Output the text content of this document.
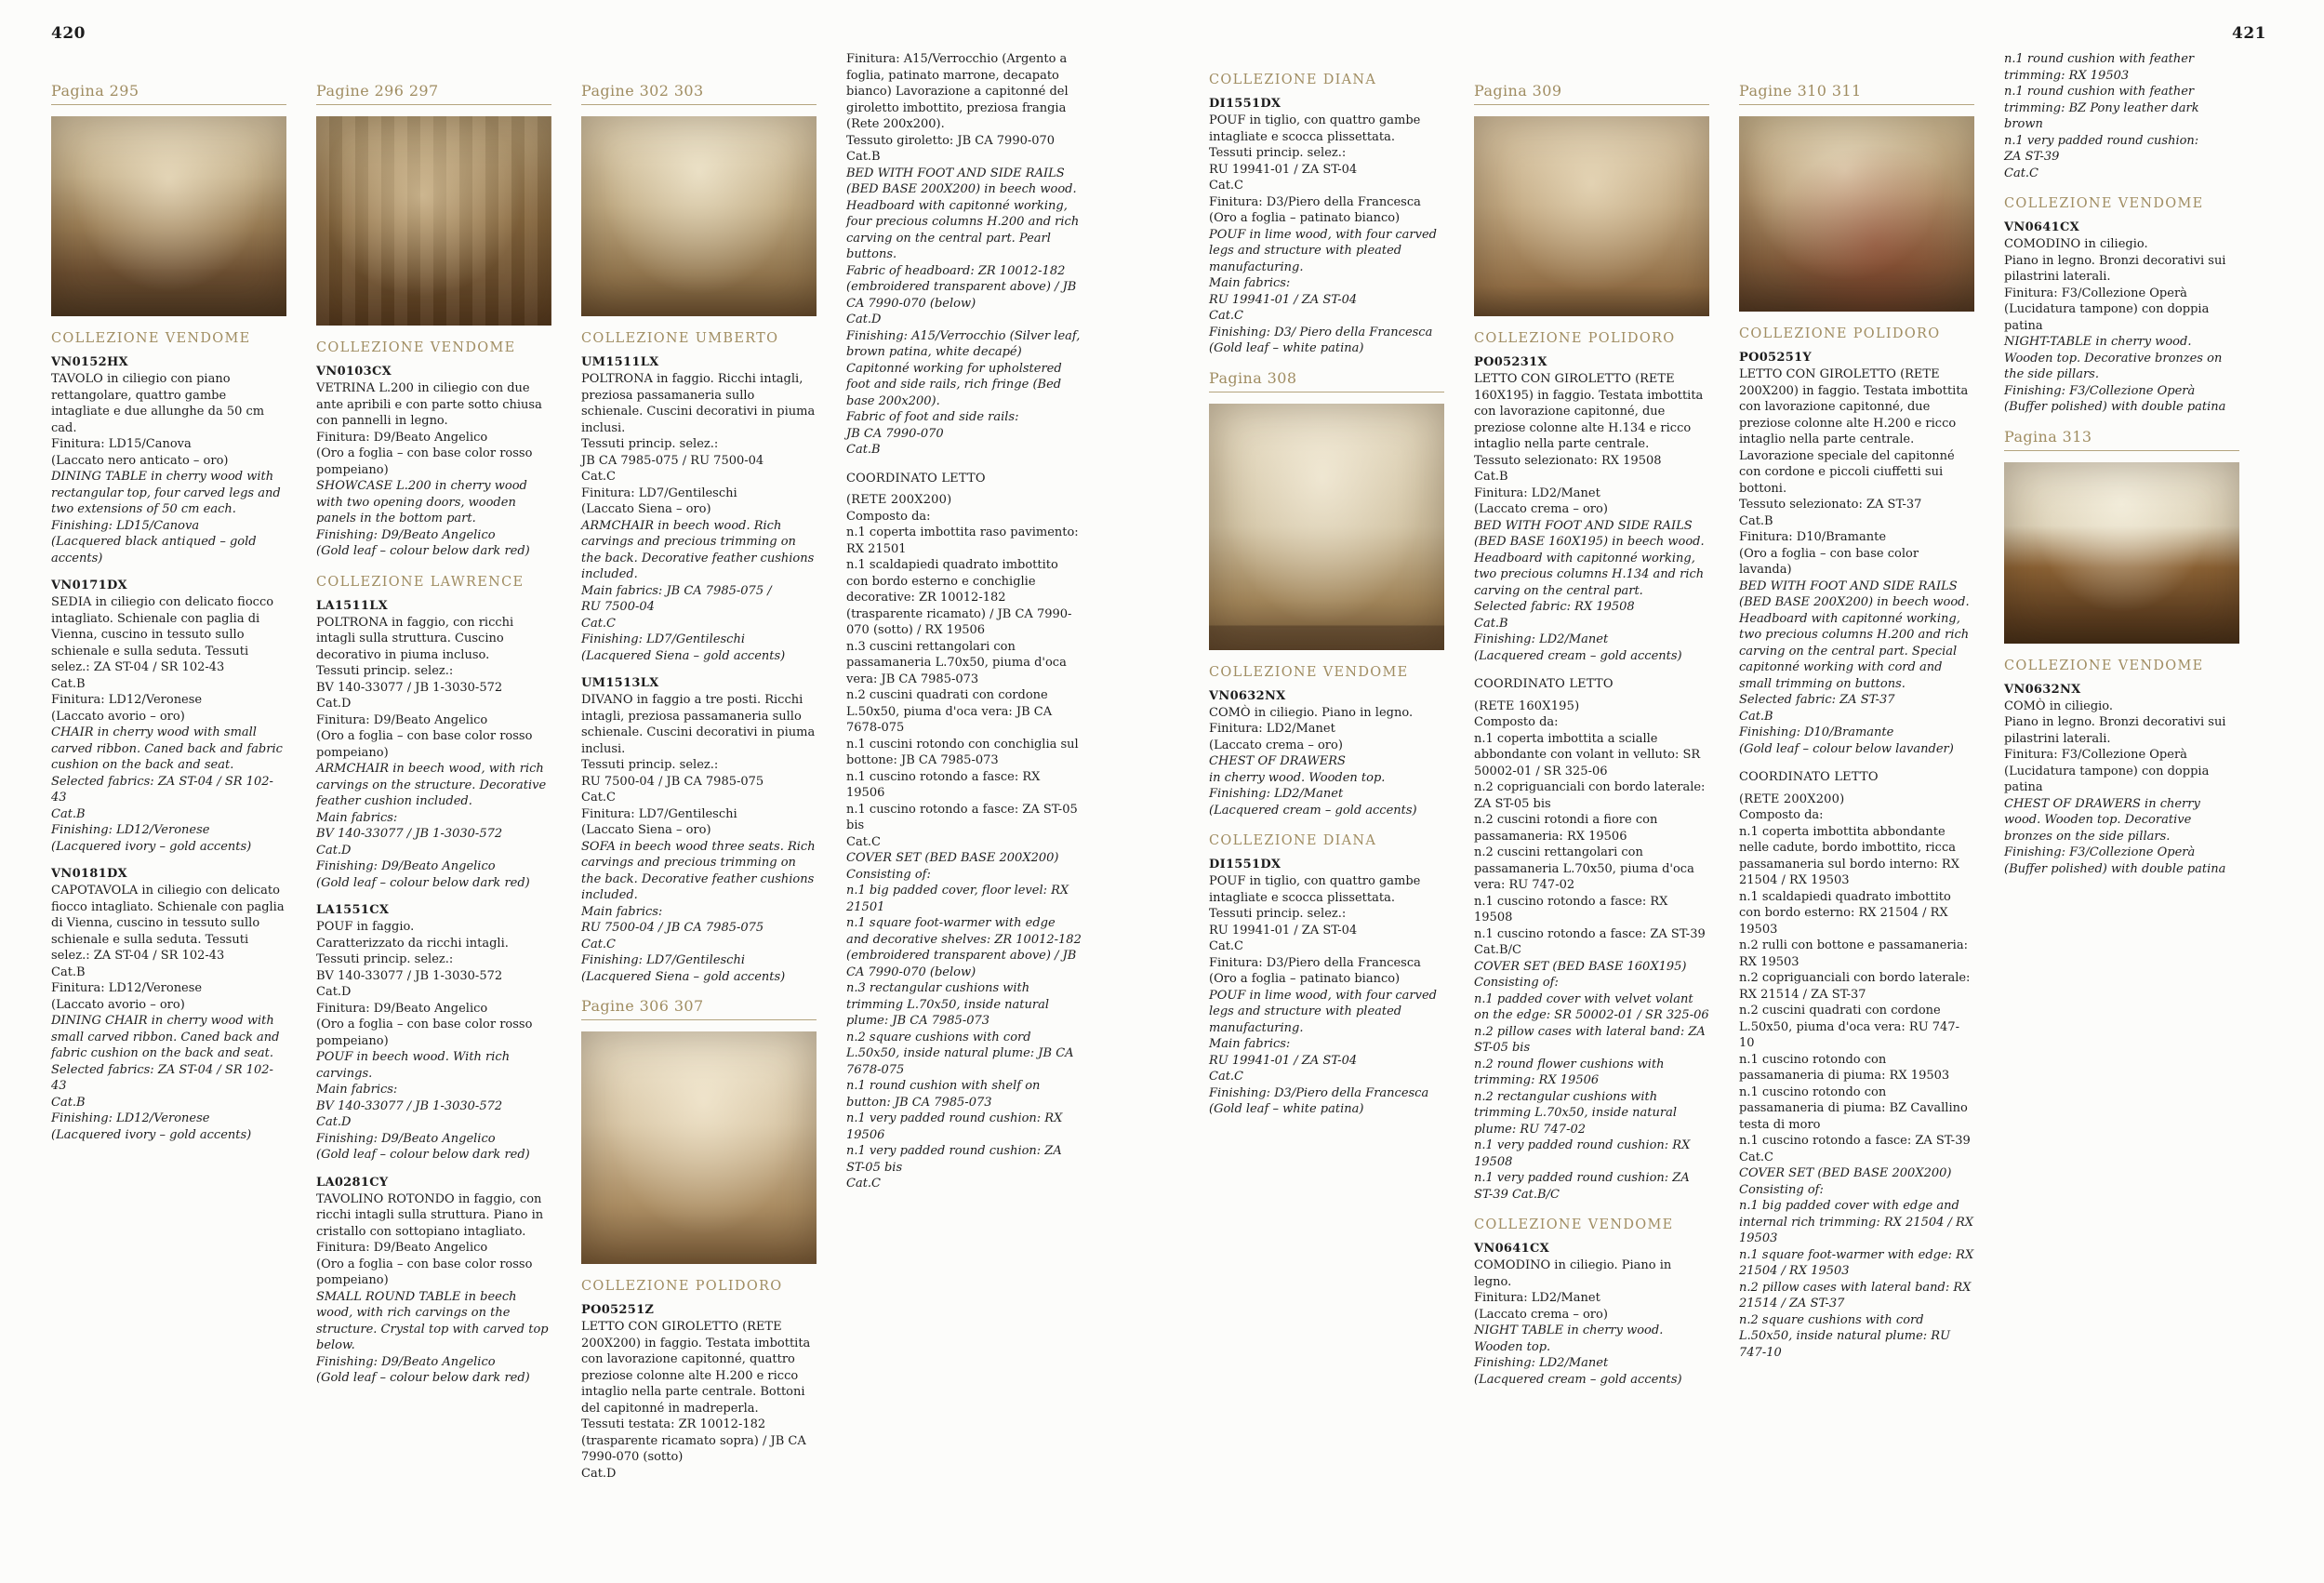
420	421
Pagina 295
COLLEZIONE VENDOME
VN0152HX

TAVOLO in ciliegio con piano rettangolare, quattro gambe intagliate e due allunghe da 50 cm cad.

Finitura: LD15/Canova

(Laccato nero anticato – oro)

DINING TABLE in cherry wood with rectangular top, four carved legs and two extensions of 50 cm each.

Finishing: LD15/Canova

(Lacquered black antiqued – gold accents)

VN0171DX

SEDIA in ciliegio con delicato fiocco intagliato. Schienale con paglia di Vienna, cuscino in tessuto sullo schienale e sulla seduta. Tessuti selez.: ZA ST-04 / SR 102-43

Cat.B

Finitura: LD12/Veronese

(Laccato avorio – oro)

CHAIR in cherry wood with small carved ribbon. Caned back and fabric cushion on the back and seat. Selected fabrics: ZA ST-04 / SR 102-43

Cat.B

Finishing: LD12/Veronese

(Lacquered ivory – gold accents)

VN0181DX

CAPOTAVOLA in ciliegio con delicato fiocco intagliato. Schienale con paglia di Vienna, cuscino in tessuto sullo schienale e sulla seduta. Tessuti selez.: ZA ST-04 / SR 102-43

Cat.B

Finitura: LD12/Veronese

(Laccato avorio – oro)

DINING CHAIR in cherry wood with small carved ribbon. Caned back and fabric cushion on the back and seat. Selected fabrics: ZA ST-04 / SR 102-43

Cat.B

Finishing: LD12/Veronese

(Lacquered ivory – gold accents)

Pagine 296 297
COLLEZIONE VENDOME
VN0103CX

VETRINA L.200 in ciliegio con due ante apribili e con parte sotto chiusa con pannelli in legno.

Finitura: D9/Beato Angelico

(Oro a foglia – con base color rosso pompeiano)

SHOWCASE L.200 in cherry wood with two opening doors, wooden panels in the bottom part.

Finishing: D9/Beato Angelico

(Gold leaf – colour below dark red)

COLLEZIONE LAWRENCE
LA1511LX

POLTRONA in faggio, con ricchi intagli sulla struttura. Cuscino decorativo in piuma incluso.

Tessuti princip. selez.:

BV 140-33077 / JB 1-3030-572

Cat.D

Finitura: D9/Beato Angelico

(Oro a foglia – con base color rosso pompeiano)

ARMCHAIR in beech wood, with rich carvings on the structure. Decorative feather cushion included.

Main fabrics:

BV 140-33077 / JB 1-3030-572

Cat.D

Finishing: D9/Beato Angelico

(Gold leaf – colour below dark red)

LA1551CX

POUF in faggio.

Caratterizzato da ricchi intagli.

Tessuti princip. selez.:

BV 140-33077 / JB 1-3030-572

Cat.D

Finitura: D9/Beato Angelico

(Oro a foglia – con base color rosso pompeiano)

POUF in beech wood. With rich carvings.

Main fabrics:

BV 140-33077 / JB 1-3030-572

Cat.D

Finishing: D9/Beato Angelico

(Gold leaf – colour below dark red)

LA0281CY

TAVOLINO ROTONDO in faggio, con ricchi intagli sulla struttura. Piano in cristallo con sottopiano intagliato.

Finitura: D9/Beato Angelico

(Oro a foglia – con base color rosso pompeiano)

SMALL ROUND TABLE in beech wood, with rich carvings on the structure. Crystal top with carved top below.

Finishing: D9/Beato Angelico

(Gold leaf – colour below dark red)

Pagine 302 303
COLLEZIONE UMBERTO
UM1511LX

POLTRONA in faggio. Ricchi intagli, preziosa passamaneria sullo schienale. Cuscini decorativi in piuma inclusi.

Tessuti princip. selez.:

JB CA 7985-075 / RU 7500-04

Cat.C

Finitura: LD7/Gentileschi

(Laccato Siena – oro)

ARMCHAIR in beech wood. Rich carvings and precious trimming on the back. Decorative feather cushions included.

Main fabrics: JB CA 7985-075 /

RU 7500-04

Cat.C

Finishing: LD7/Gentileschi

(Lacquered Siena – gold accents)

UM1513LX

DIVANO in faggio a tre posti. Ricchi intagli, preziosa passamaneria sullo schienale. Cuscini decorativi in piuma inclusi.

Tessuti princip. selez.:

RU 7500-04 / JB CA 7985-075

Cat.C

Finitura: LD7/Gentileschi

(Laccato Siena – oro)

SOFA in beech wood three seats. Rich carvings and precious trimming on the back. Decorative feather cushions included.

Main fabrics:

RU 7500-04 / JB CA 7985-075

Cat.C

Finishing: LD7/Gentileschi

(Lacquered Siena – gold accents)

Pagine 306 307
COLLEZIONE POLIDORO
PO05251Z

LETTO CON GIROLETTO (RETE 200X200) in faggio. Testata imbottita con lavorazione capitonné, quattro preziose colonne alte H.200 e ricco intaglio nella parte centrale. Bottoni del capitonné in madreperla.

Tessuti testata: ZR 10012-182 (trasparente ricamato sopra) / JB CA 7990-070 (sotto)

Cat.D

Finitura: A15/Verrocchio (Argento a foglia, patinato marrone, decapato bianco) Lavorazione a capitonné del giroletto imbottito, preziosa frangia (Rete 200x200).

Tessuto giroletto: JB CA 7990-070

Cat.B

BED WITH FOOT AND SIDE RAILS (BED BASE 200X200) in beech wood. Headboard with capitonné working, four precious columns H.200 and rich carving on the central part. Pearl buttons.

Fabric of headboard: ZR 10012-182 (embroidered transparent above) / JB CA 7990-070 (below)

Cat.D

Finishing: A15/Verrocchio (Silver leaf, brown patina, white decapé)

Capitonné working for upholstered foot and side rails, rich fringe (Bed base 200x200).

Fabric of foot and side rails:

JB CA 7990-070

Cat.B

COORDINATO LETTO

(RETE 200X200)

Composto da:

n.1 coperta imbottita raso pavimento: RX 21501

n.1 scaldapiedi quadrato imbottito con bordo esterno e conchiglie decorative: ZR 10012-182 (trasparente ricamato) / JB CA 7990-070 (sotto) / RX 19506

n.3 cuscini rettangolari con passamaneria L.70x50, piuma d'oca vera: JB CA 7985-073

n.2 cuscini quadrati con cordone L.50x50, piuma d'oca vera: JB CA 7678-075

n.1 cuscini rotondo con conchiglia sul bottone: JB CA 7985-073

n.1 cuscino rotondo a fasce: RX 19506

n.1 cuscino rotondo a fasce: ZA ST-05 bis

Cat.C

COVER SET (BED BASE 200X200)

Consisting of:

n.1 big padded cover, floor level: RX 21501

n.1 square foot-warmer with edge and decorative shelves: ZR 10012-182 (embroidered transparent above) / JB CA 7990-070 (below)

n.3 rectangular cushions with trimming L.70x50, inside natural plume: JB CA 7985-073

n.2 square cushions with cord L.50x50, inside natural plume: JB CA 7678-075

n.1 round cushion with shelf on button: JB CA 7985-073

n.1 very padded round cushion: RX 19506

n.1 very padded round cushion: ZA ST-05 bis

Cat.C

COLLEZIONE DIANA
DI1551DX

POUF in tiglio, con quattro gambe intagliate e scocca plissettata.

Tessuti princip. selez.:

RU 19941-01 / ZA ST-04

Cat.C

Finitura: D3/Piero della Francesca

(Oro a foglia – patinato bianco)

POUF in lime wood, with four carved legs and structure with pleated manufacturing.

Main fabrics:

RU 19941-01 / ZA ST-04

Cat.C

Finishing: D3/ Piero della Francesca

(Gold leaf – white patina)

Pagina 308
COLLEZIONE VENDOME
VN0632NX

COMÒ in ciliegio. Piano in legno.

Finitura: LD2/Manet

(Laccato crema – oro)

CHEST OF DRAWERS

in cherry wood. Wooden top.

Finishing: LD2/Manet

(Lacquered cream – gold accents)

COLLEZIONE DIANA
DI1551DX

POUF in tiglio, con quattro gambe intagliate e scocca plissettata.

Tessuti princip. selez.:

RU 19941-01 / ZA ST-04

Cat.C

Finitura: D3/Piero della Francesca

(Oro a foglia – patinato bianco)

POUF in lime wood, with four carved legs and structure with pleated manufacturing.

Main fabrics:

RU 19941-01 / ZA ST-04

Cat.C

Finishing: D3/Piero della Francesca

(Gold leaf – white patina)

Pagina 309
COLLEZIONE POLIDORO
PO05231X

LETTO CON GIROLETTO (RETE 160X195) in faggio. Testata imbottita con lavorazione capitonné, due preziose colonne alte H.134 e ricco intaglio nella parte centrale.

Tessuto selezionato: RX 19508

Cat.B

Finitura: LD2/Manet

(Laccato crema – oro)

BED WITH FOOT AND SIDE RAILS (BED BASE 160X195) in beech wood. Headboard with capitonné working, two precious columns H.134 and rich carving on the central part.

Selected fabric: RX 19508

Cat.B

Finishing: LD2/Manet

(Lacquered cream – gold accents)

COORDINATO LETTO

(RETE 160X195)

Composto da:

n.1 coperta imbottita a scialle abbondante con volant in velluto: SR 50002-01 / SR 325-06

n.2 copriguanciali con bordo laterale: ZA ST-05 bis

n.2 cuscini rotondi a fiore con passamaneria: RX 19506

n.2 cuscini rettangolari con passamaneria L.70x50, piuma d'oca vera: RU 747-02

n.1 cuscino rotondo a fasce: RX 19508

n.1 cuscino rotondo a fasce: ZA ST-39

Cat.B/C

COVER SET (BED BASE 160X195)

Consisting of:

n.1 padded cover with velvet volant on the edge: SR 50002-01 / SR 325-06

n.2 pillow cases with lateral band: ZA ST-05 bis

n.2 round flower cushions with trimming: RX 19506

n.2 rectangular cushions with trimming L.70x50, inside natural plume: RU 747-02

n.1 very padded round cushion: RX 19508

n.1 very padded round cushion: ZA ST-39 Cat.B/C

COLLEZIONE VENDOME
VN0641CX

COMODINO in ciliegio. Piano in legno.

Finitura: LD2/Manet

(Laccato crema – oro)

NIGHT TABLE in cherry wood.

Wooden top.

Finishing: LD2/Manet

(Lacquered cream – gold accents)

Pagine 310 311
COLLEZIONE POLIDORO
PO05251Y

LETTO CON GIROLETTO (RETE 200X200) in faggio. Testata imbottita con lavorazione capitonné, due preziose colonne alte H.200 e ricco intaglio nella parte centrale. Lavorazione speciale del capitonné con cordone e piccoli ciuffetti sui bottoni.

Tessuto selezionato: ZA ST-37

Cat.B

Finitura: D10/Bramante

(Oro a foglia – con base color lavanda)

BED WITH FOOT AND SIDE RAILS (BED BASE 200X200) in beech wood. Headboard with capitonné working, two precious columns H.200 and rich carving on the central part. Special capitonné working with cord and small trimming on buttons.

Selected fabric: ZA ST-37

Cat.B

Finishing: D10/Bramante

(Gold leaf – colour below lavander)

COORDINATO LETTO

(RETE 200X200)

Composto da:

n.1 coperta imbottita abbondante nelle cadute, bordo imbottito, ricca passamaneria sul bordo interno: RX 21504 / RX 19503

n.1 scaldapiedi quadrato imbottito con bordo esterno: RX 21504 / RX 19503

n.2 rulli con bottone e passamaneria: RX 19503

n.2 copriguanciali con bordo laterale: RX 21514 / ZA ST-37

n.2 cuscini quadrati con cordone L.50x50, piuma d'oca vera: RU 747-10

n.1 cuscino rotondo con passamaneria di piuma: RX 19503

n.1 cuscino rotondo con passamaneria di piuma: BZ Cavallino testa di moro

n.1 cuscino rotondo a fasce: ZA ST-39

Cat.C

COVER SET (BED BASE 200X200)

Consisting of:

n.1 big padded cover with edge and internal rich trimming: RX 21504 / RX 19503

n.1 square foot-warmer with edge: RX 21504 / RX 19503

n.2 pillow cases with lateral band: RX 21514 / ZA ST-37

n.2 square cushions with cord L.50x50, inside natural plume: RU 747-10

n.1 round cushion with feather trimming: RX 19503

n.1 round cushion with feather trimming: BZ Pony leather dark brown

n.1 very padded round cushion:

ZA ST-39

Cat.C

COLLEZIONE VENDOME
VN0641CX

COMODINO in ciliegio.

Piano in legno. Bronzi decorativi sui pilastrini laterali.

Finitura: F3/Collezione Operà (Lucidatura tampone) con doppia patina

NIGHT-TABLE in cherry wood. Wooden top. Decorative bronzes on the side pillars.

Finishing: F3/Collezione Operà (Buffer polished) with double patina

Pagina 313
COLLEZIONE VENDOME
VN0632NX

COMÒ in ciliegio.

Piano in legno. Bronzi decorativi sui pilastrini laterali.

Finitura: F3/Collezione Operà (Lucidatura tampone) con doppia patina

CHEST OF DRAWERS in cherry wood. Wooden top. Decorative bronzes on the side pillars.

Finishing: F3/Collezione Operà (Buffer polished) with double patina
